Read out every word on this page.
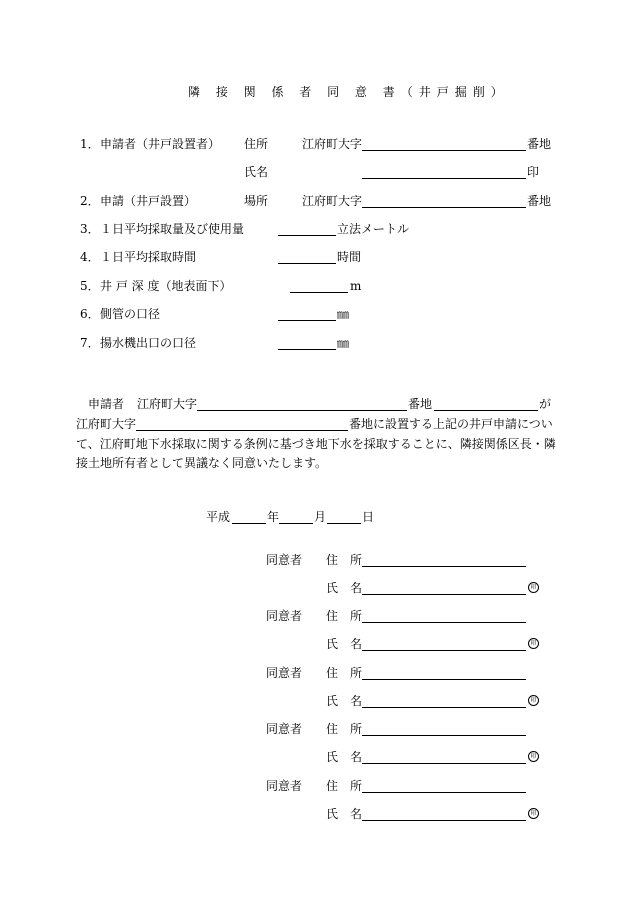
隣 接 関 係 者 同 意 書（井戸掘削）
1． 申請者（井戸設置者） 住所	江府町大字	番地
氏名	印
2． 申請（井戸設置）	場所	江府町大字	番地
3． １日平均採取量及び使用量	立法メートル
4． １日平均採取時間	時間
5． 井 戸 深 度（地表面下）	m
6． 側管の口径	㎜
7． 揚水機出口の口径	㎜
申請者 江府町大字	番地	が
江府町大字	番地に設置する上記の井戸申請につい
て、江府町地下水採取に関する条例に基づき地下水を採取することに、隣接関係区長・隣
接土地所有者として異議なく同意いたします。
平成	年	月	日
同意者 住　所
氏　名	印
同意者 住　所
氏　名	印
同意者 住　所
氏　名	印
同意者 住　所
氏　名	印
同意者 住　所
氏　名	印
